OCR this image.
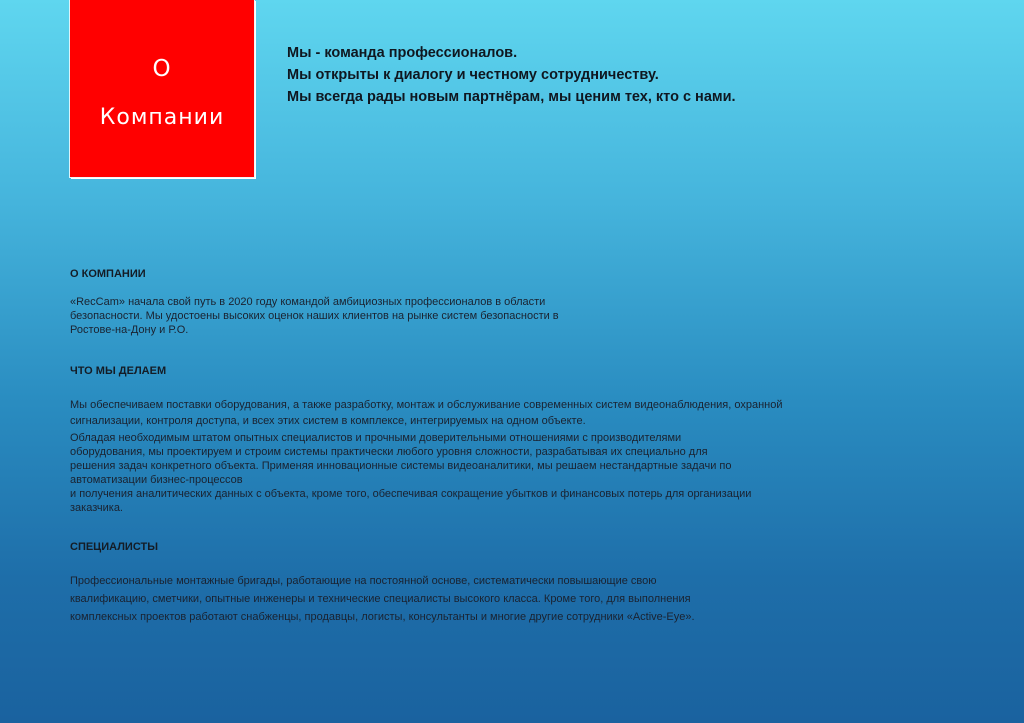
О
Компании
Мы - команда профессионалов.
Мы открыты к диалогу и честному сотрудничеству.
Мы всегда рады новым партнёрам, мы ценим тех, кто с нами.
О КОМПАНИИ
«RecCam» начала свой путь в 2020 году командой амбициозных профессионалов в области
безопасности. Мы удостоены высоких оценок наших клиентов на рынке систем безопасности в
Ростове-на-Дону и Р.О.
ЧТО МЫ ДЕЛАЕМ
Мы обеспечиваем поставки оборудования, а также разработку, монтаж и обслуживание современных систем видеонаблюдения, охранной
сигнализации, контроля доступа, и всех этих систем в комплексе, интегрируемых на одном объекте.
Обладая необходимым штатом опытных специалистов и прочными доверительными отношениями с производителями
оборудования, мы проектируем и строим системы практически любого уровня сложности, разрабатывая их специально для
решения задач конкретного объекта. Применяя инновационные системы видеоаналитики, мы решаем нестандартные задачи по
автоматизации бизнес-процессов
и получения аналитических данных с объекта, кроме того, обеспечивая сокращение убытков и финансовых потерь для организации
заказчика.
СПЕЦИАЛИСТЫ
Профессиональные монтажные бригады, работающие на постоянной основе, систематически повышающие свою
квалификацию, сметчики, опытные инженеры и технические специалисты высокого класса. Кроме того, для выполнения
комплексных проектов работают снабженцы, продавцы, логисты, консультанты и многие другие сотрудники «Active-Eye».
